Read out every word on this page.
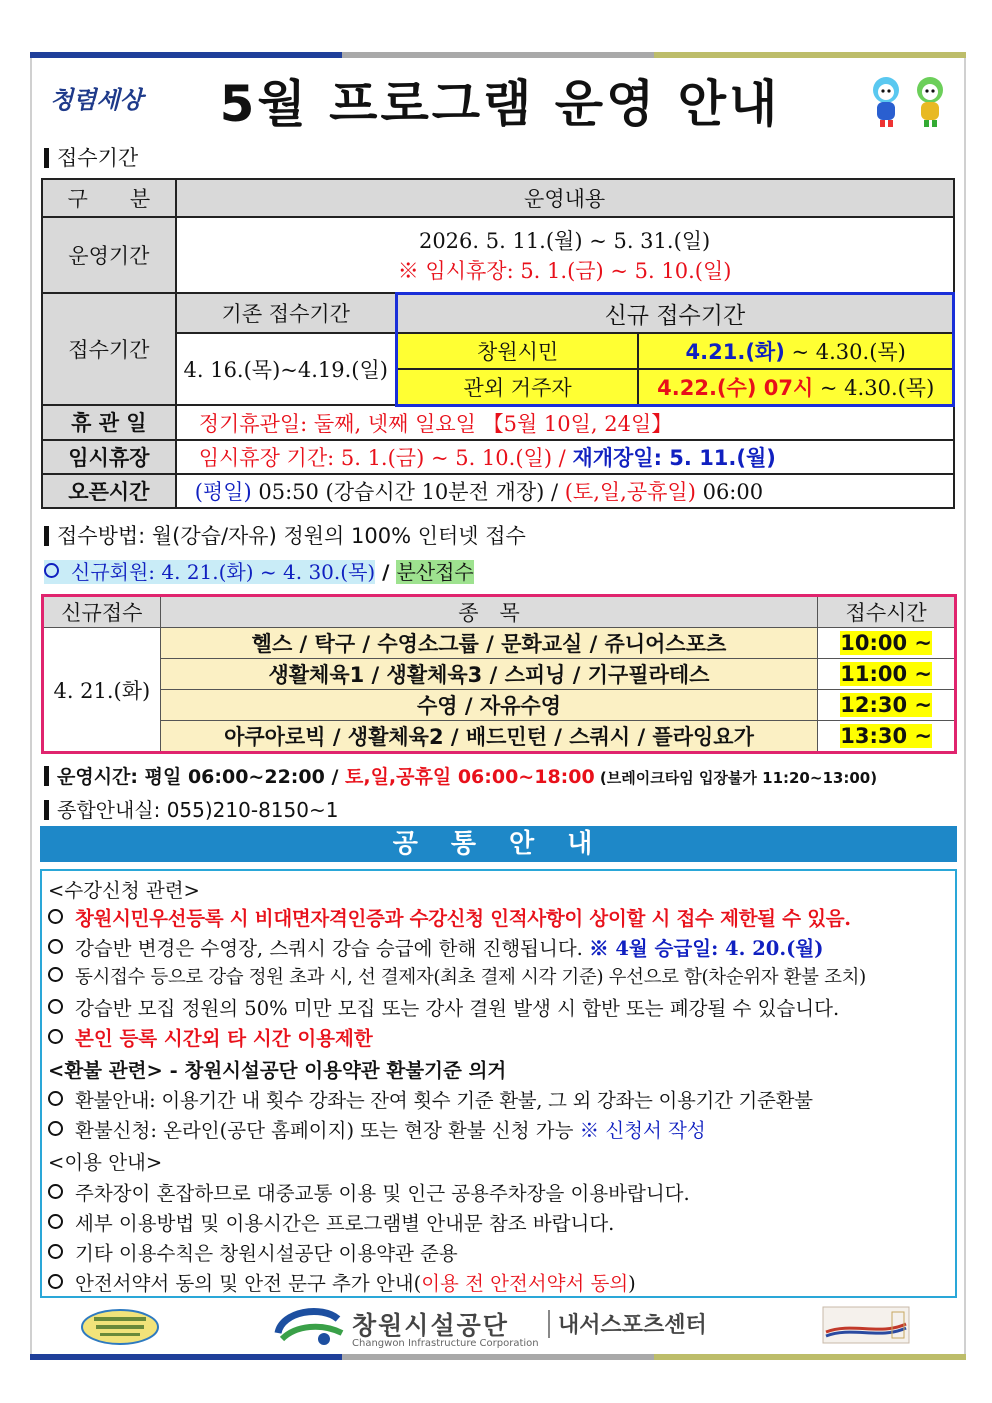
청렴세상	5월 프로그램 운영 안내
접수기간
구　　분	운영내용		
운영기간	2026. 5. 11.(월) ~ 5. 31.(일)
※ 임시휴장: 5. 1.(금) ~ 5. 10.(일)		

접수기간	기존 접수기간	신규 접수기간	
	4. 16.(목)~4.19.(일)	창원시민	4.21.(화) ~ 4.30.(목)
		관외 거주자	4.22.(수) 07시 ~ 4.30.(목)
휴 관 일	정기휴관일: 둘째, 넷째 일요일 【5월 10일, 24일】		
임시휴장	임시휴장 기간: 5. 1.(금) ~ 5. 10.(일) / 재개장일: 5. 11.(월)		
오픈시간	(평일) 05:50 (강습시간 10분전 개장) / (토,일,공휴일) 06:00		
접수방법: 월(강습/자유) 정원의 100% 인터넷 접수
신규회원: 4. 21.(화) ~ 4. 30.(목) / 분산접수
신규접수	종　목	접수시간
4. 21.(화)	헬스 / 탁구 / 수영소그룹 / 문화교실 / 쥬니어스포츠	10:00 ~
	생활체육1 / 생활체육3 / 스피닝 / 기구필라테스	11:00 ~
	수영 / 자유수영	12:30 ~
	아쿠아로빅 / 생활체육2 / 배드민턴 / 스쿼시 / 플라잉요가	13:30 ~
운영시간: 평일 06:00~22:00 / 토,일,공휴일 06:00~18:00 (브레이크타임 입장불가 11:20~13:00)
종합안내실: 055)210-8150~1
공 통 안 내
<수강신청 관련>
창원시민우선등록 시 비대면자격인증과 수강신청 인적사항이 상이할 시 접수 제한될 수 있음.
강습반 변경은 수영장, 스쿼시 강습 승급에 한해 진행됩니다. ※ 4월 승급일: 4. 20.(월)
동시접수 등으로 강습 정원 초과 시, 선 결제자(최초 결제 시각 기준) 우선으로 함(차순위자 환불 조치)
강습반 모집 정원의 50% 미만 모집 또는 강사 결원 발생 시 합반 또는 폐강될 수 있습니다.
본인 등록 시간외 타 시간 이용제한
<환불 관련> - 창원시설공단 이용약관 환불기준 의거
환불안내: 이용기간 내 횟수 강좌는 잔여 횟수 기준 환불, 그 외 강좌는 이용기간 기준환불
환불신청: 온라인(공단 홈페이지) 또는 현장 환불 신청 가능 ※ 신청서 작성
<이용 안내>
주차장이 혼잡하므로 대중교통 이용 및 인근 공용주차장을 이용바랍니다.
세부 이용방법 및 이용시간은 프로그램별 안내문 참조 바랍니다.
기타 이용수칙은 창원시설공단 이용약관 준용
안전서약서 동의 및 안전 문구 추가 안내(이용 전 안전서약서 동의)
창원시설공단
Changwon Infrastructure Corporation
내서스포츠센터
